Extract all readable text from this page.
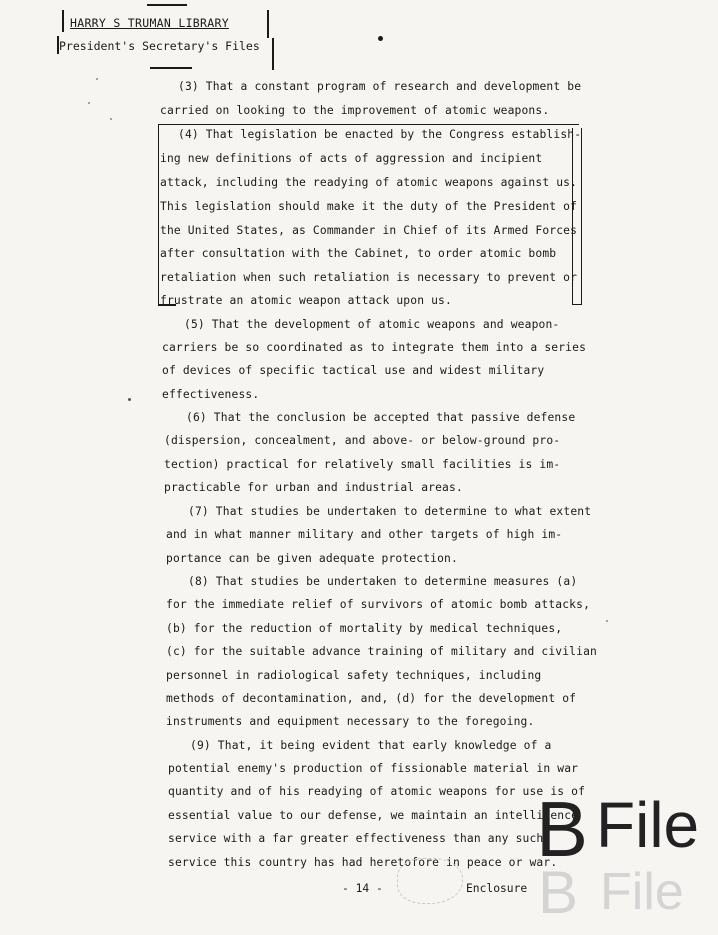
HARRY S TRUMAN LIBRARY
President's Secretary's Files
(3) That a constant program of research and development be
carried on looking to the improvement of atomic weapons.
(4) That legislation be enacted by the Congress establish-
ing new definitions of acts of aggression and incipient
attack, including the readying of atomic weapons against us.
This legislation should make it the duty of the President of
the United States, as Commander in Chief of its Armed Forces
after consultation with the Cabinet, to order atomic bomb
retaliation when such retaliation is necessary to prevent or
frustrate an atomic weapon attack upon us.
(5) That the development of atomic weapons and weapon-
carriers be so coordinated as to integrate them into a series
of devices of specific tactical use and widest military
effectiveness.
(6) That the conclusion be accepted that passive defense
(dispersion, concealment, and above- or below-ground pro-
tection) practical for relatively small facilities is im-
practicable for urban and industrial areas.
(7) That studies be undertaken to determine to what extent
and in what manner military and other targets of high im-
portance can be given adequate protection.
(8) That studies be undertaken to determine measures (a)
for the immediate relief of survivors of atomic bomb attacks,
(b) for the reduction of mortality by medical techniques,
(c) for the suitable advance training of military and civilian
personnel in radiological safety techniques, including
methods of decontamination, and, (d) for the development of
instruments and equipment necessary to the foregoing.
(9) That, it being evident that early knowledge of a
potential enemy's production of fissionable material in war
quantity and of his readying of atomic weapons for use is of
essential value to our defense, we maintain an intelligence
service with a far greater effectiveness than any such
service this country has had heretofore in peace or war.
B File
B File
- 14 -	Enclosure
